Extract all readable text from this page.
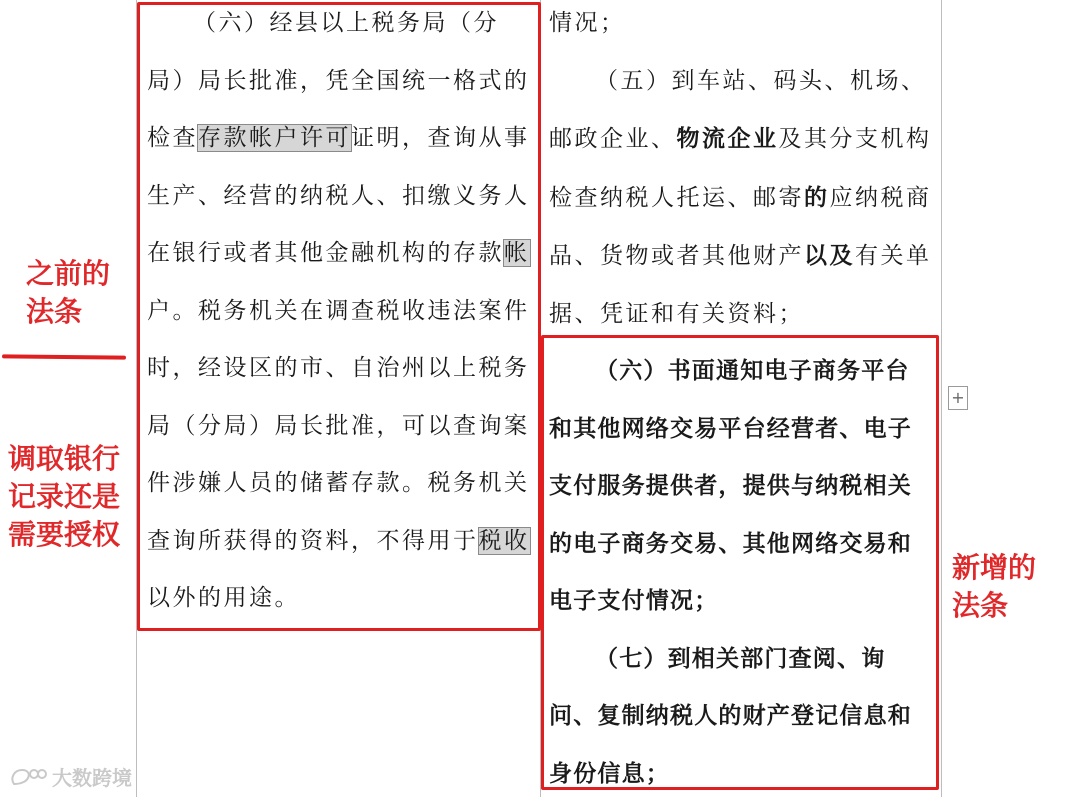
（六）经县以上税务局（分局）局长批准，凭全国统一格式的检查存款帐户许可证明，查询从事生产、经营的纳税人、扣缴义务人在银行或者其他金融机构的存款帐户。税务机关在调查税收违法案件时，经设区的市、自治州以上税务局（分局）局长批准，可以查询案件涉嫌人员的储蓄存款。税务机关查询所获得的资料，不得用于税收以外的用途。

情况；

（五）到车站、码头、机场、邮政企业、物流企业及其分支机构检查纳税人托运、邮寄的应纳税商品、货物或者其他财产以及有关单据、凭证和有关资料；

（六）书面通知电子商务平台和其他网络交易平台经营者、电子支付服务提供者，提供与纳税相关的电子商务交易、其他网络交易和电子支付情况；

（七）到相关部门查阅、询问、复制纳税人的财产登记信息和身份信息；

之前的
法条
调取银行
记录还是
需要授权
新增的
法条
+
大数跨境
